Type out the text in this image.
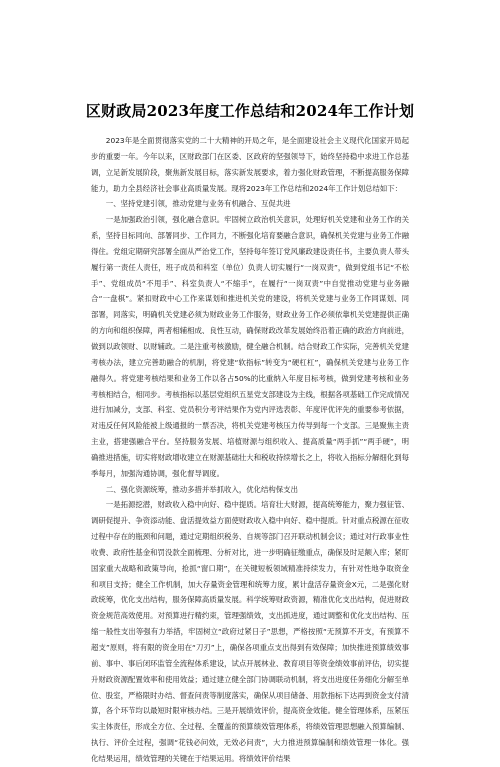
区财政局2023年度工作总结和2024年工作计划

2023年是全面贯彻落实党的二十大精神的开局之年，是全面建设社会主义现代化国家开局起步的重要一年。今年以来，区财政部门在区委、区政府的坚强领导下，始终坚持稳中求进工作总基调，立足新发展阶段，聚焦新发展目标，落实新发展要求，着力强化财政管理，不断提高服务保障能力，助力全县经济社会事业高质量发展。现将2023年工作总结和2024年工作计划总结如下：

一、坚持党建引领，推动党建与业务有机融合、互促共进

一是加强政治引领，强化融合意识。牢固树立政治机关意识，处理好机关党建和业务工作的关系，坚持目标同向、部署同步、工作同力，不断强化培育要融合意识，确保机关党建与业务工作融得住。党组定期研究部署全面从严治党工作，坚持每年签订党风廉政建设责任书，主要负责人带头履行第一责任人责任，班子成员和科室（单位）负责人切实履行“一岗双责”，做到党组书记“不松手”、党组成员“不甩手”、科室负责人“不缩手”，在履行“一岗双责”中自觉推动党建与业务融合“一盘棋”。紧扣财政中心工作来谋划和推进机关党的建设，将机关党建与业务工作同谋划、同部署，同落实，明确机关党建必须为财政业务工作服务，财政业务工作必须依靠机关党建提供正确的方向和组织保障，两者相辅相成、良性互动，确保财政改革发展始终沿着正确的政治方向前进，做到以政领财、以财辅政。二是注重考核激励，健全融合机制。结合财政工作实际，完善机关党建考核办法，建立完善助融合的机制，将党建“软指标”转变为“硬杠杠”，确保机关党建与业务工作融得久。将党建考核结果和业务工作以各占50%的比重纳入年度目标考核，做到党建考核和业务考核相结合，相同步。考核指标以基层党组织五星党支部建设为主线，根据各项基础工作完成情况进行加减分，支部、科室、党员积分考评结果作为党内评选表彰、年度评优评先的重要参考依据，对违反任何风险能被上级通报的一票否决，将机关党建考核压力传导到每一个支部。三是聚焦主责主业，搭建强融合平台。坚持服务发展、培植财源与组织收入、提高质量“两手抓”“两手硬”，明确推进措施，切实将财政增收建立在财源基础壮大和税收持续增长之上，将收入指标分解细化到每季每月，加强沟通协调，强化督导调度。

二、强化资源统筹，推动多措并举抓收入，优化结构保支出

一是拓源挖潜，财政收入稳中向好、稳中提质。培育壮大财源，提高统筹能力，聚力强征管、调研促提升、争资添动能、盘活提效益方面使财政收入稳中向好、稳中提质。针对重点税源在征收过程中存在的瓶颈和问题，通过定期组织税务、自规等部门召开联动机制会议；通过对行政事业性收费、政府性基金和罚没款全面梳理、分析对比，进一步明确征缴重点，确保及时足额入库；紧盯国家重大战略和政策导向，抢抓“窗口期”，在关键短板领域精准持续发力，有针对性地争取资金和项目支持；健全工作机制，加大存量资金管理和统筹力度，累计盘活存量资金X元，二是强化财政统筹，优化支出结构，服务保障高质量发展。科学统筹财政资源，精准优化支出结构，促进财政资金规范高效使用。对预算进行精约束，管理强绩效，支出抓进度，通过调整和优化支出结构、压缩一般性支出等强有力举措，牢固树立“政府过紧日子”思想，严格按照“无预算不开支，有预算不超支”原则，将有限的资金用在“刀刃”上，确保各项重点支出得到有效保障；加快推进预算绩效事前、事中、事后闭环监管全流程体系建设，试点开展林业、教育项目等资金绩效事前评估，切实提升财政资源配置效率和使用效益；通过建立健全部门协调联动机制，将支出进度任务细化分解至单位、股室，严格限时办结、督查问责等制度落实，确保从项目储备、用款指标下达再到资金支付清算，各个环节均以最短时限审核办结。三是开展绩效评价，提高资金效能。健全管理体系，压紧压实主体责任，形成全方位、全过程、全覆盖的预算绩效管理体系，将绩效管理思想融入预算编制、执行、评价全过程，强调“花钱必问效，无效必问责”，大力推进预算编制和绩效管理一体化。强化结果运用，绩效管理的关键在于结果运用。将绩效评价结果
